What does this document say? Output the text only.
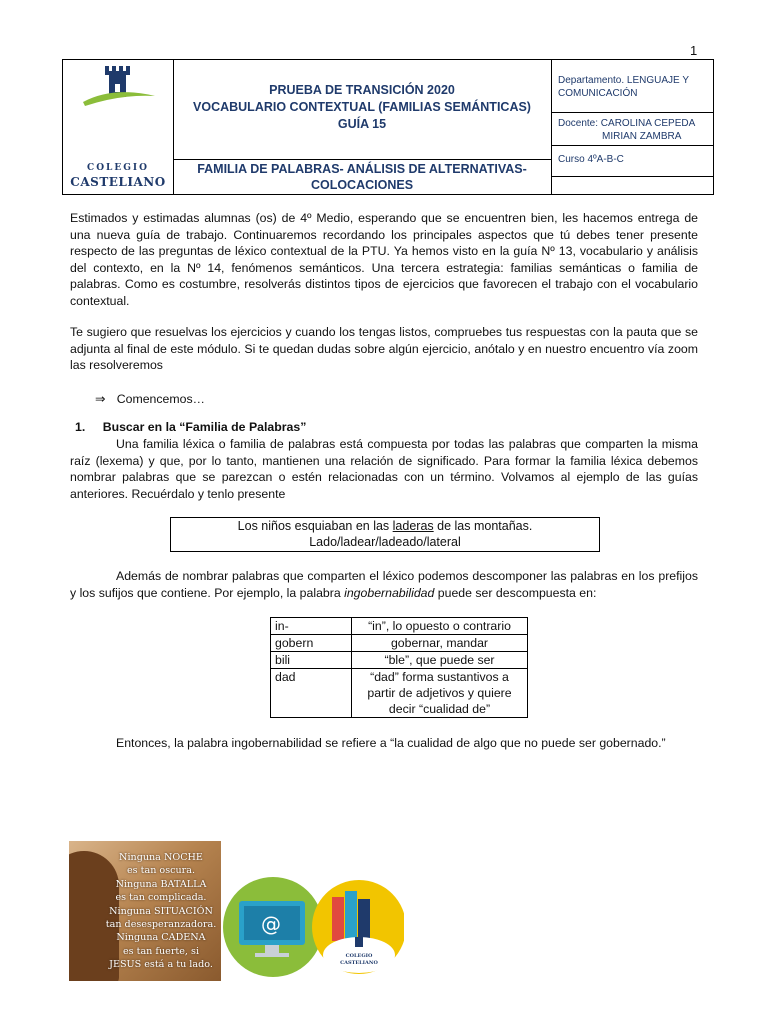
1
COLEGIO
CASTELIANO
PRUEBA DE TRANSICIÓN 2020
VOCABULARIO CONTEXTUAL (FAMILIAS SEMÁNTICAS)
GUÍA 15
FAMILIA DE PALABRAS- ANÁLISIS DE ALTERNATIVAS-
COLOCACIONES
Departamento. LENGUAJE Y
COMUNICACIÓN
Docente: CAROLINA CEPEDA
MIRIAN ZAMBRA
Curso 4ºA-B-C
Estimados y estimadas alumnas (os) de 4º Medio, esperando que se encuentren bien, les hacemos entrega de una nueva guía de trabajo. Continuaremos recordando los principales aspectos que tú debes tener presente respecto de las preguntas de léxico contextual de la PTU. Ya hemos visto en la guía Nº 13, vocabulario y análisis del contexto, en la Nº 14, fenómenos semánticos. Una tercera estrategia: familias semánticas o familia de palabras. Como es costumbre, resolverás distintos tipos de ejercicios que favorecen el trabajo con el vocabulario contextual.
Te sugiero que resuelvas los ejercicios y cuando los tengas listos, compruebes tus respuestas con la pauta que se adjunta al final de este módulo. Si te quedan dudas sobre algún ejercicio, anótalo y en nuestro encuentro vía zoom las resolveremos
⇒ Comencemos…
1. Buscar en la “Familia de Palabras”
Una familia léxica o familia de palabras está compuesta por todas las palabras que comparten la misma raíz (lexema) y que, por lo tanto, mantienen una relación de significado. Para formar la familia léxica debemos nombrar palabras que se parezcan o estén relacionadas con un término. Volvamos al ejemplo de las guías anteriores. Recuérdalo y tenlo presente
Los niños esquiaban en las laderas de las montañas.
Lado/ladear/ladeado/lateral
Además de nombrar palabras que comparten el léxico podemos descomponer las palabras en los prefijos y los sufijos que contiene. Por ejemplo, la palabra ingobernabilidad puede ser descompuesta en:
in-	“in”, lo opuesto o contrario
gobern	gobernar, mandar
bili	“ble”, que puede ser
dad	“dad” forma sustantivos a partir de adjetivos y quiere decir “cualidad de”
Entonces, la palabra ingobernabilidad se refiere a “la cualidad de algo que no puede ser gobernado.”
Ninguna NOCHE
es tan oscura.
Ninguna BATALLA
es tan complicada.
Ninguna SITUACIÓN
tan desesperanzadora.
Ninguna CADENA
es tan fuerte, si
JESUS está a tu lado.
@
COLEGIO
CASTELIANO
